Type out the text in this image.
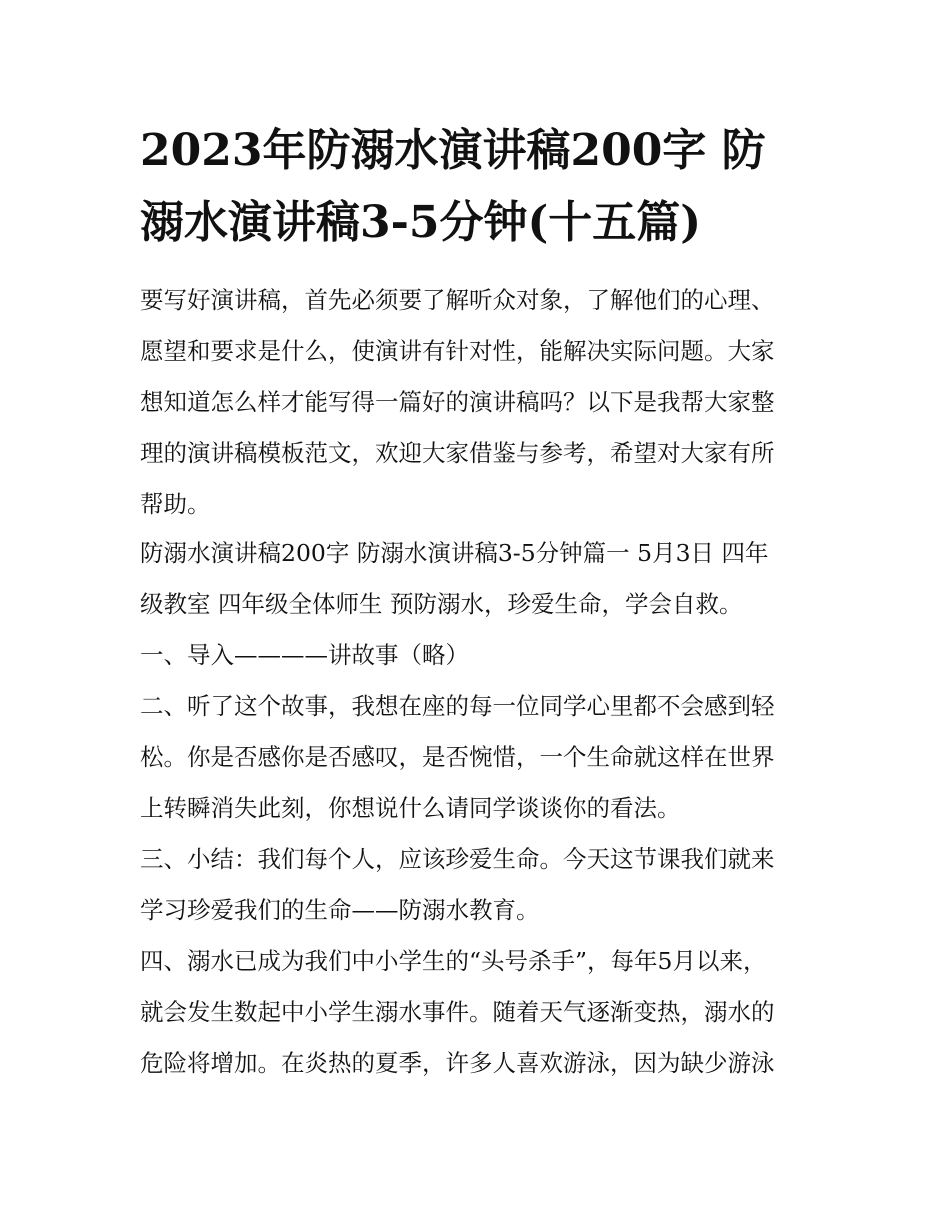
2023年防溺水演讲稿200字 防
溺水演讲稿3-5分钟(十五篇)

要写好演讲稿，首先必须要了解听众对象，了解他们的心理、
愿望和要求是什么，使演讲有针对性，能解决实际问题。大家
想知道怎么样才能写得一篇好的演讲稿吗？以下是我帮大家整
理的演讲稿模板范文，欢迎大家借鉴与参考，希望对大家有所
帮助。

防溺水演讲稿200字 防溺水演讲稿3-5分钟篇一 5月3日 四年
级教室 四年级全体师生 预防溺水，珍爱生命，学会自救。

一、导入————讲故事（略）

二、听了这个故事，我想在座的每一位同学心里都不会感到轻
松。你是否感你是否感叹，是否惋惜，一个生命就这样在世界
上转瞬消失此刻，你想说什么请同学谈谈你的看法。

三、小结：我们每个人，应该珍爱生命。今天这节课我们就来
学习珍爱我们的生命——防溺水教育。

四、溺水已成为我们中小学生的“头号杀手”，每年5月以来，
就会发生数起中小学生溺水事件。随着天气逐渐变热，溺水的
危险将增加。在炎热的夏季，许多人喜欢游泳，因为缺少游泳
